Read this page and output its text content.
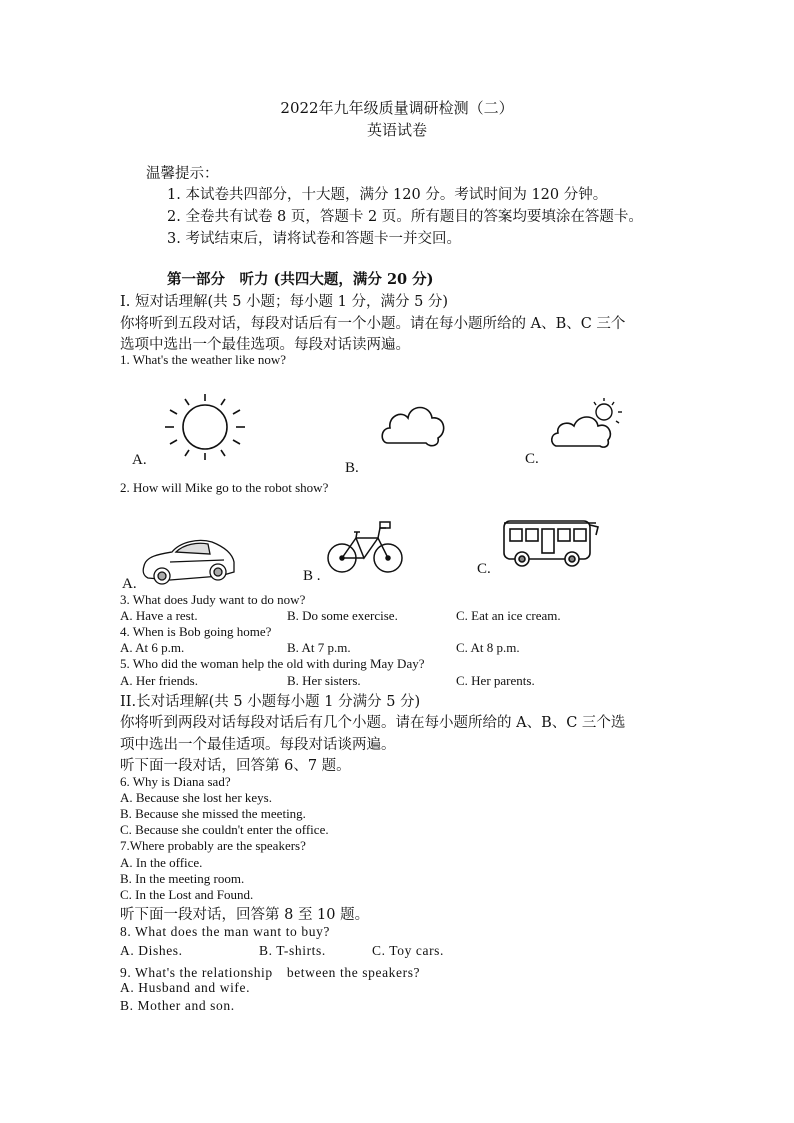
2022年九年级质量调研检测（二）
英语试卷
温馨提示：
1. 本试卷共四部分，十大题，满分 120 分。考试时间为 120 分钟。
2. 全卷共有试卷 8 页，答题卡 2 页。所有题目的答案均要填涂在答题卡。
3. 考试结束后，请将试卷和答题卡一并交回。
第一部分　听力 (共四大题，满分 20 分)
I. 短对话理解(共 5 小题；每小题 1 分，满分 5 分)
你将听到五段对话，每段对话后有一个小题。请在每小题所给的 A、B、C 三个
选项中选出一个最佳选项。每段对话读两遍。
1. What's the weather like now?
A.	B.
C.
2. How will Mike go to the robot show?
A.	B .	C.
3. What does Judy want to do now?
A. Have a rest.	B. Do some exercise.	C. Eat an ice cream.
4. When is Bob going home?
A. At 6 p.m.	B. At 7 p.m.	C. At 8 p.m.
5. Who did the woman help the old with during May Day?
A. Her friends.	B. Her sisters.	C. Her parents.
II.长对话理解(共 5 小题每小题 1 分满分 5 分)
你将听到两段对话每段对话后有几个小题。请在每小题所给的 A、B、C 三个选
项中选出一个最佳适项。每段对话谈两遍。
听下面一段对话，回答第 6、7 题。
6. Why is Diana sad?
A. Because she lost her keys.
B. Because she missed the meeting.
C. Because she couldn't enter the office.
7.Where probably are the speakers?
A. In the office.
B. In the meeting room.
C. In the Lost and Found.
听下面一段对话，回答第 8 至 10 题。
8. What does the man want to buy?
A. Dishes.	B. T-shirts.	C. Toy cars.
9. What's the relationship　between the speakers?
A. Husband and wife.
B. Mother and son.
